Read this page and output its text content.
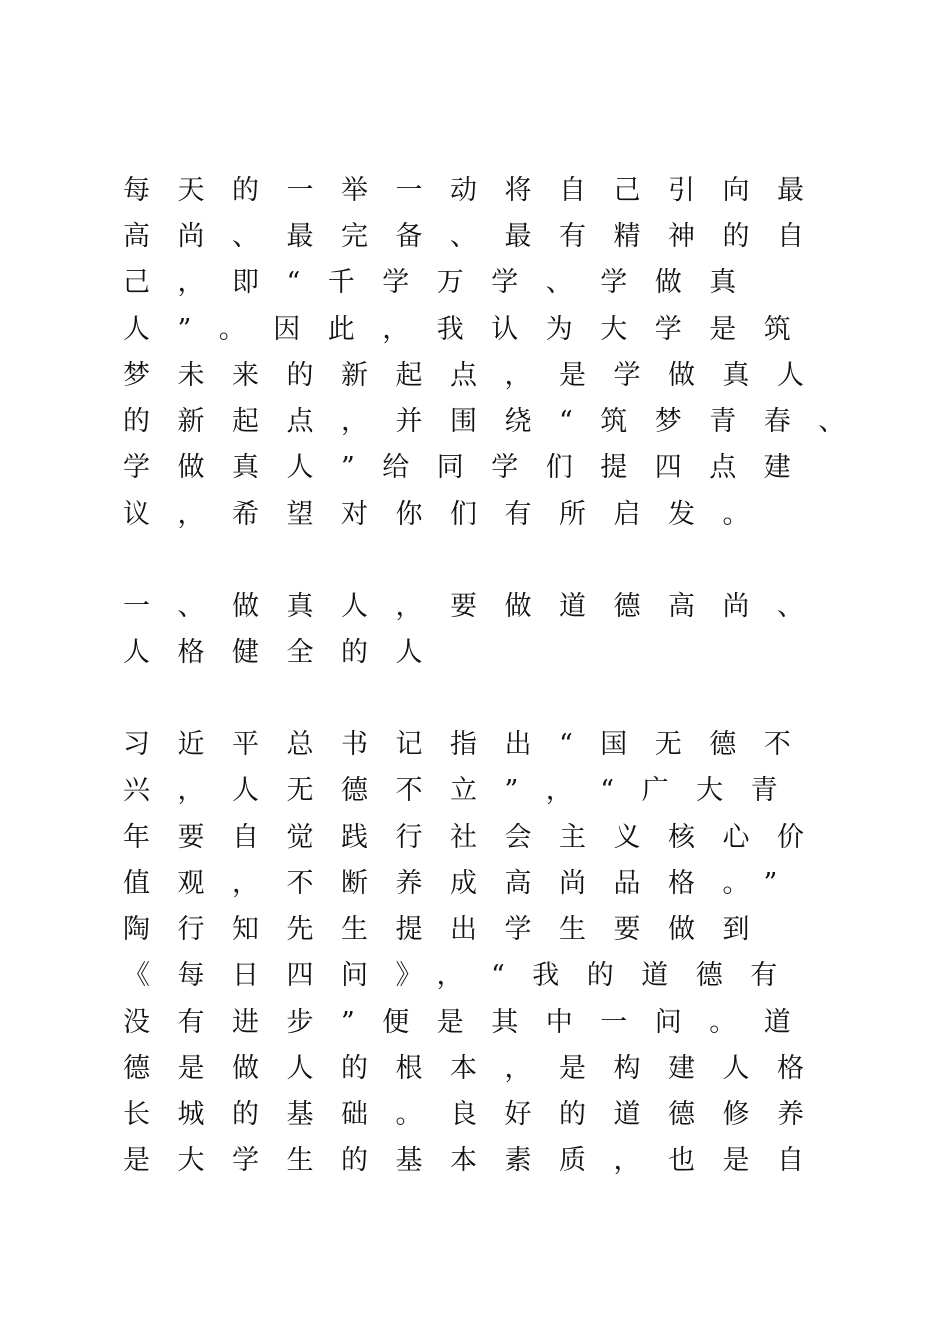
每天的一举一动将自己引向最
高尚、最完备、最有精神的自
己，即“千学万学、学做真
人”。因此，我认为大学是筑
梦未来的新起点，是学做真人
的新起点，并围绕“筑梦青春、
学做真人”给同学们提四点建
议，希望对你们有所启发。
一、做真人，要做道德高尚、
人格健全的人
习近平总书记指出“国无德不
兴，人无德不立”，“广大青
年要自觉践行社会主义核心价
值观，不断养成高尚品格。”
陶行知先生提出学生要做到
《每日四问》，“我的道德有
没有进步”便是其中一问。道
德是做人的根本，是构建人格
长城的基础。良好的道德修养
是大学生的基本素质，也是自
